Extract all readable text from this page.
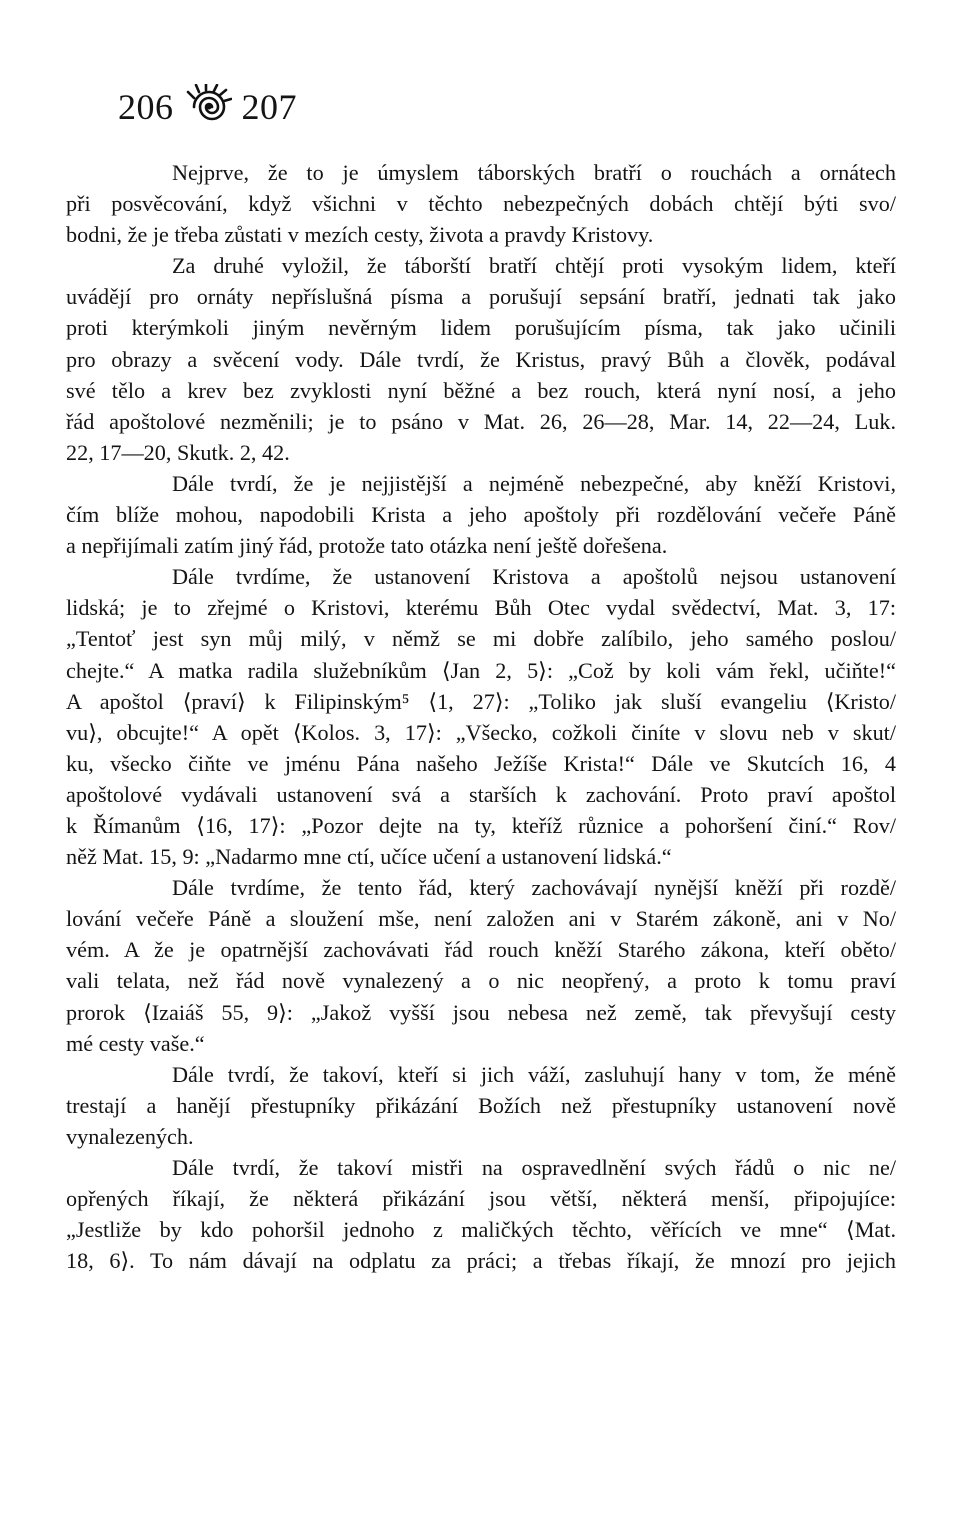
206 207
Nejprve, že to je úmyslem táborských bratří o rouchách a ornátech
při posvěcování, když všichni v těchto nebezpečných dobách chtějí býti svo/
bodni, že je třeba zůstati v mezích cesty, života a pravdy Kristovy.
Za druhé vyložil, že táborští bratří chtějí proti vysokým lidem, kteří
uvádějí pro ornáty nepříslušná písma a porušují sepsání bratří, jednati tak jako
proti kterýmkoli jiným nevěrným lidem porušujícím písma, tak jako učinili
pro obrazy a svěcení vody. Dále tvrdí, že Kristus, pravý Bůh a člověk, podával
své tělo a krev bez zvyklosti nyní běžné a bez rouch, která nyní nosí, a jeho
řád apoštolové nezměnili; je to psáno v Mat. 26, 26—28, Mar. 14, 22—24, Luk.
22, 17—20, Skutk. 2, 42.
Dále tvrdí, že je nejjistější a nejméně nebezpečné, aby kněží Kristovi,
čím blíže mohou, napodobili Krista a jeho apoštoly při rozdělování večeře Páně
a nepřijímali zatím jiný řád, protože tato otázka není ještě dořešena.
Dále tvrdíme, že ustanovení Kristova a apoštolů nejsou ustanovení
lidská; je to zřejmé o Kristovi, kterému Bůh Otec vydal svědectví, Mat. 3, 17:
„Tentoť jest syn můj milý, v němž se mi dobře zalíbilo, jeho samého poslou/
chejte.“ A matka radila služebníkům ⟨Jan 2, 5⟩: „Což by koli vám řekl, učiňte!“
A apoštol ⟨praví⟩ k Filipinským⁵ ⟨1, 27⟩: „Toliko jak sluší evangeliu ⟨Kristo/
vu⟩, obcujte!“ A opět ⟨Kolos. 3, 17⟩: „Všecko, cožkoli činíte v slovu neb v skut/
ku, všecko čiňte ve jménu Pána našeho Ježíše Krista!“ Dále ve Skutcích 16, 4
apoštolové vydávali ustanovení svá a starších k zachování. Proto praví apoštol
k Římanům ⟨16, 17⟩: „Pozor dejte na ty, kteříž různice a pohoršení činí.“ Rov/
něž Mat. 15, 9: „Nadarmo mne ctí, učíce učení a ustanovení lidská.“
Dále tvrdíme, že tento řád, který zachovávají nynější kněží při rozdě/
lování večeře Páně a sloužení mše, není založen ani v Starém zákoně, ani v No/
vém. A že je opatrnější zachovávati řád rouch kněží Starého zákona, kteří oběto/
vali telata, než řád nově vynalezený a o nic neopřený, a proto k tomu praví
prorok ⟨Izaiáš 55, 9⟩: „Jakož vyšší jsou nebesa než země, tak převyšují cesty
mé cesty vaše.“
Dále tvrdí, že takoví, kteří si jich váží, zasluhují hany v tom, že méně
trestají a hanějí přestupníky přikázání Božích než přestupníky ustanovení nově
vynalezených.
Dále tvrdí, že takoví mistři na ospravedlnění svých řádů o nic ne/
opřených říkají, že některá přikázání jsou větší, některá menší, připojujíce:
„Jestliže by kdo pohoršil jednoho z maličkých těchto, věřících ve mne“ ⟨Mat.
18, 6⟩. To nám dávají na odplatu za práci; a třebas říkají, že mnozí pro jejich
